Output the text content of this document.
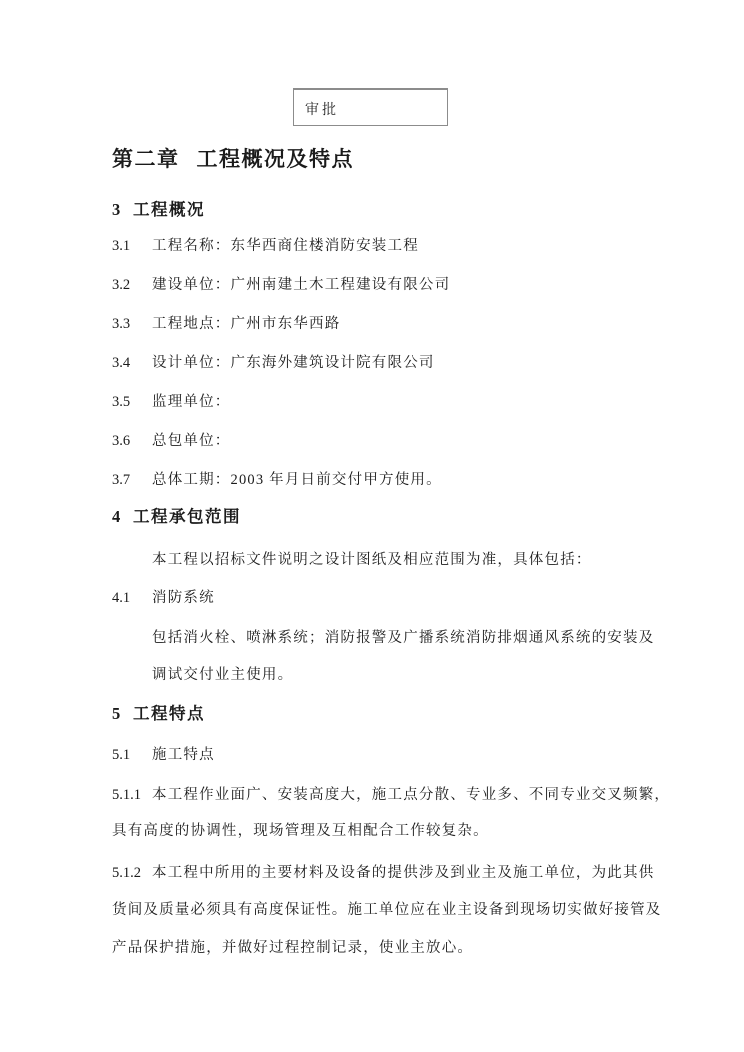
审批
第二章 工程概况及特点
3 工程概况
3.1 工程名称：东华西商住楼消防安装工程
3.2 建设单位：广州南建土木工程建设有限公司
3.3 工程地点：广州市东华西路
3.4 设计单位：广东海外建筑设计院有限公司
3.5 监理单位：
3.6 总包单位：
3.7 总体工期：2003 年月日前交付甲方使用。
4 工程承包范围
本工程以招标文件说明之设计图纸及相应范围为准，具体包括：
4.1 消防系统
包括消火栓、喷淋系统；消防报警及广播系统消防排烟通风系统的安装及
调试交付业主使用。
5 工程特点
5.1 施工特点
5.1.1 本工程作业面广、安装高度大，施工点分散、专业多、不同专业交叉频繁，
具有高度的协调性，现场管理及互相配合工作较复杂。
5.1.2 本工程中所用的主要材料及设备的提供涉及到业主及施工单位，为此其供
货间及质量必须具有高度保证性。施工单位应在业主设备到现场切实做好接管及
产品保护措施，并做好过程控制记录，使业主放心。
